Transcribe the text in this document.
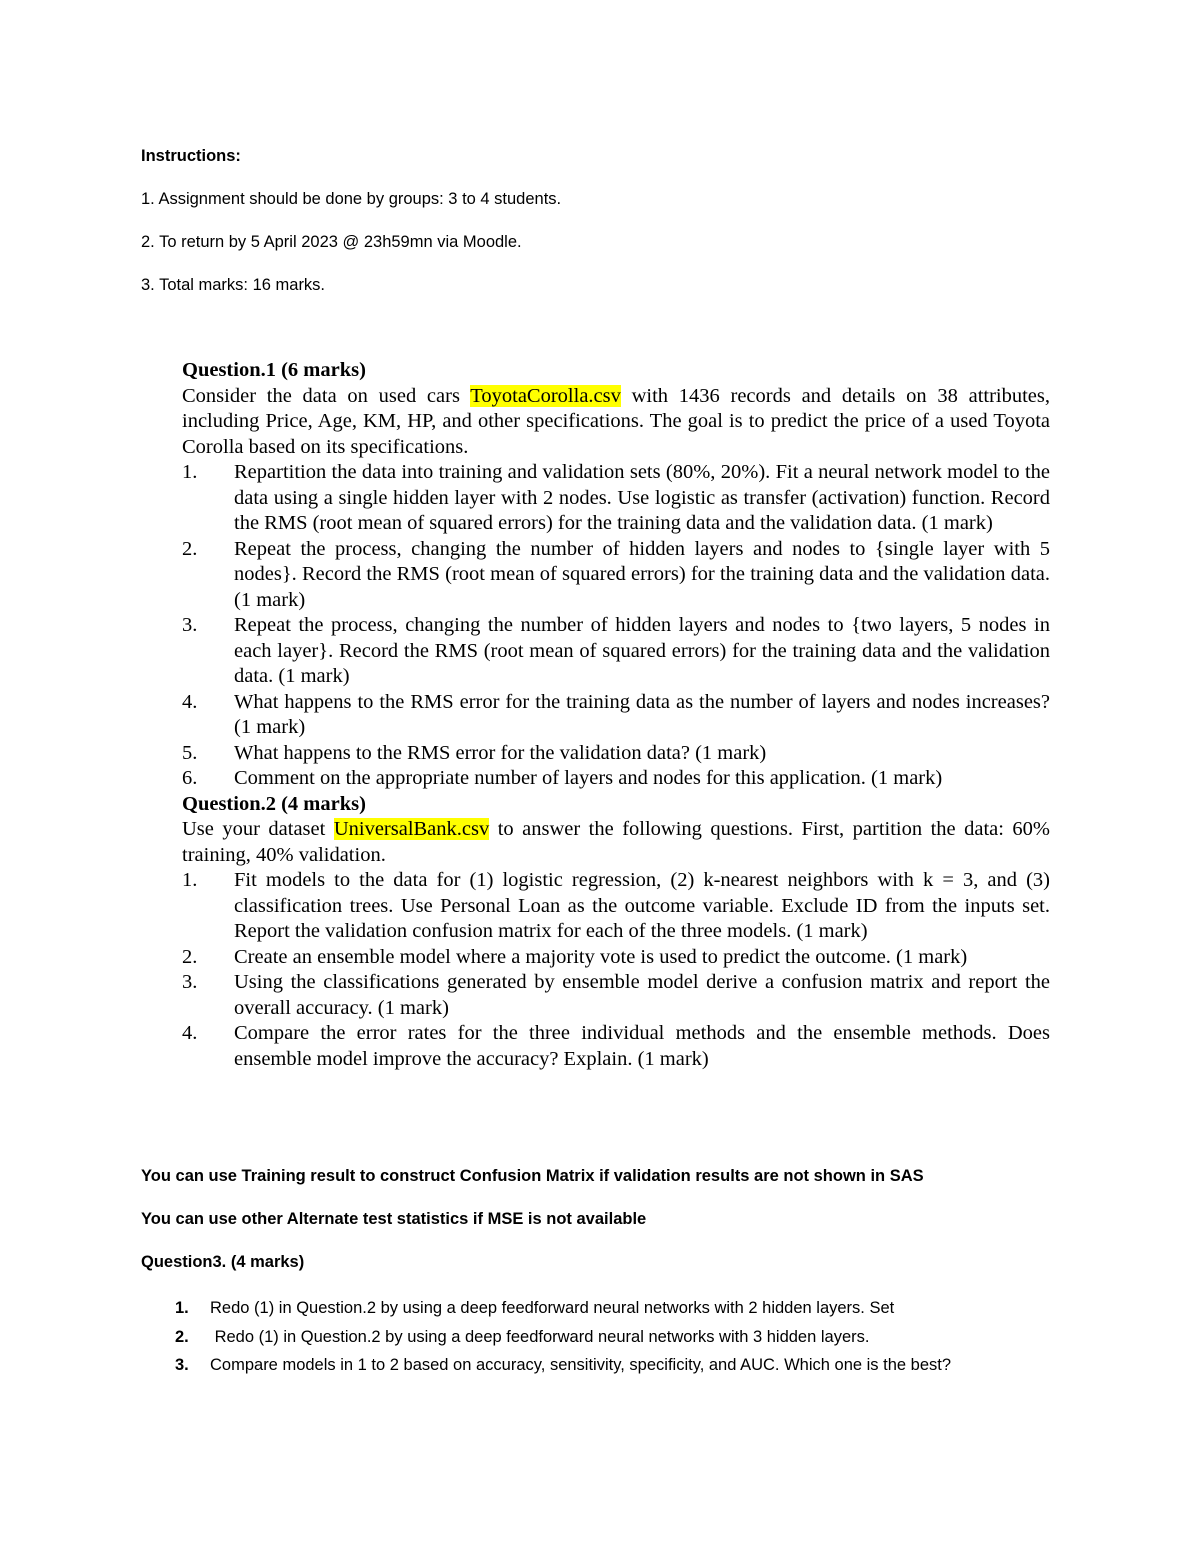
Instructions:
1. Assignment should be done by groups: 3 to 4 students.
2. To return by 5 April 2023 @ 23h59mn via Moodle.
3. Total marks: 16 marks.
Question.1 (6 marks)
Consider the data on used cars ToyotaCorolla.csv with 1436 records and details on 38 attributes, including Price, Age, KM, HP, and other specifications. The goal is to predict the price of a used Toyota Corolla based on its specifications.
1.	Repartition the data into training and validation sets (80%, 20%). Fit a neural network model to the data using a single hidden layer with 2 nodes. Use logistic as transfer (activation) function. Record the RMS (root mean of squared errors) for the training data and the validation data. (1 mark)
2.	Repeat the process, changing the number of hidden layers and nodes to {single layer with 5 nodes}. Record the RMS (root mean of squared errors) for the training data and the validation data. (1 mark)
3.	Repeat the process, changing the number of hidden layers and nodes to {two layers, 5 nodes in each layer}. Record the RMS (root mean of squared errors) for the training data and the validation data. (1 mark)
4.	What happens to the RMS error for the training data as the number of layers and nodes increases? (1 mark)
5.	What happens to the RMS error for the validation data? (1 mark)
6.	Comment on the appropriate number of layers and nodes for this application. (1 mark)
Question.2 (4 marks)
Use your dataset UniversalBank.csv to answer the following questions. First, partition the data: 60% training, 40% validation.
1.	Fit models to the data for (1) logistic regression, (2) k-nearest neighbors with k = 3, and (3) classification trees. Use Personal Loan as the outcome variable. Exclude ID from the inputs set. Report the validation confusion matrix for each of the three models. (1 mark)
2.	Create an ensemble model where a majority vote is used to predict the outcome. (1 mark)
3.	Using the classifications generated by ensemble model derive a confusion matrix and report the overall accuracy. (1 mark)
4.	Compare the error rates for the three individual methods and the ensemble methods. Does ensemble model improve the accuracy? Explain. (1 mark)
You can use Training result to construct Confusion Matrix if validation results are not shown in SAS
You can use other Alternate test statistics if MSE is not available
Question3. (4 marks)
1.	Redo (1) in Question.2 by using a deep feedforward neural networks with 2 hidden layers. Set
2.	Redo (1) in Question.2 by using a deep feedforward neural networks with 3 hidden layers.
3.	Compare models in 1 to 2 based on accuracy, sensitivity, specificity, and AUC. Which one is the best?
